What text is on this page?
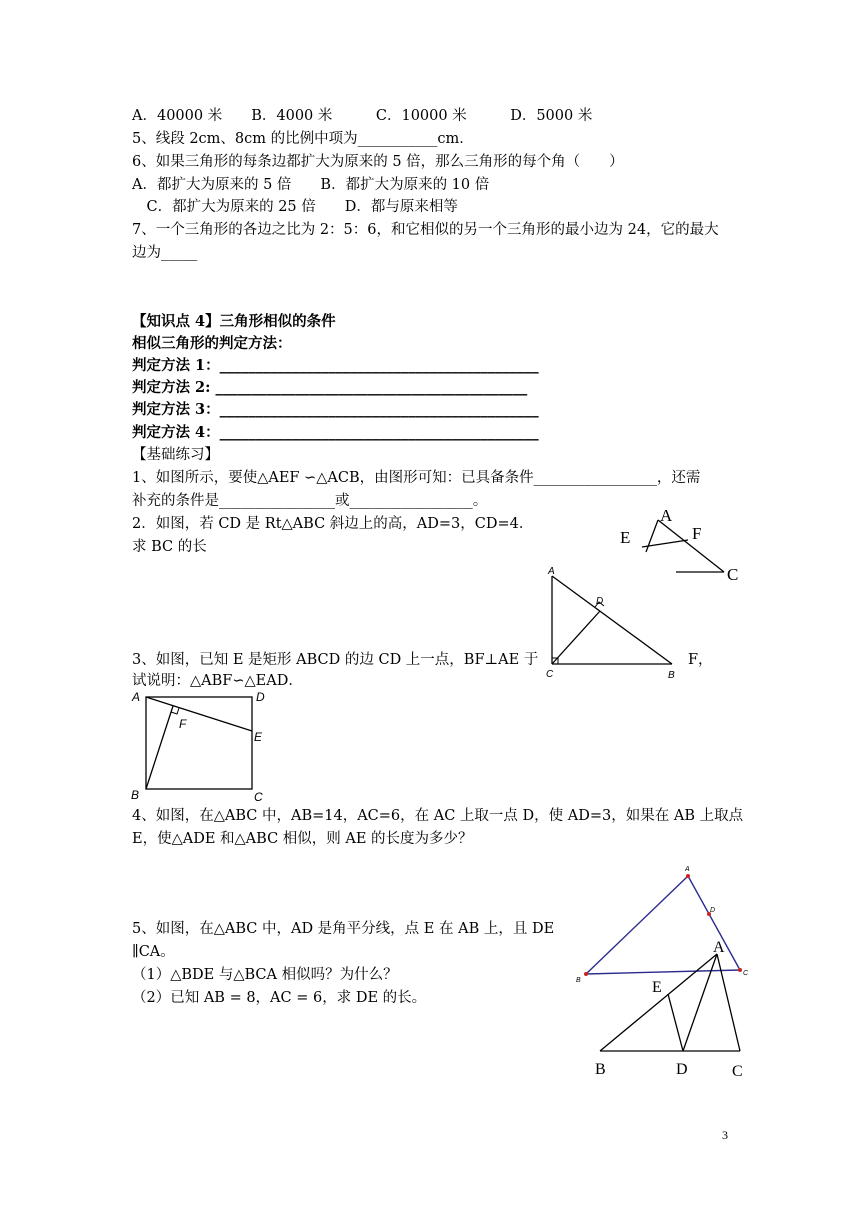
A．40000 米　　B．4000 米　　　C．10000 米　　　D．5000 米
5、线段 2cm、8cm 的比例中项为___________cm．
6、如果三角形的每条边都扩大为原来的 5 倍，那么三角形的每个角（　　）
A．都扩大为原来的 5 倍　　B．都扩大为原来的 10 倍
　C．都扩大为原来的 25 倍　　D．都与原来相等
7、一个三角形的各边之比为 2：5：6，和它相似的另一个三角形的最小边为 24，它的最大
边为_____
【知识点 4】三角形相似的条件
相似三角形的判定方法：
判定方法 1：____________________________________________
判定方法 2: ___________________________________________
判定方法 3：____________________________________________
判定方法 4：____________________________________________
【基础练习】
1、如图所示，要使△AEF ∽△ACB，由图形可知：已具备条件_________________，还需
补充的条件是________________或_________________。
2．如图，若 CD 是 Rt△ABC 斜边上的高，AD=3，CD=4．
求 BC 的长
3、如图，已知 E 是矩形 ABCD 的边 CD 上一点，BF⊥AE 于	F，
试说明：△ABF∽△EAD．
4、如图，在△ABC 中，AB=14，AC=6，在 AC 上取一点 D，使 AD=3，如果在 AB 上取点
E，使△ADE 和△ABC 相似，则 AE 的长度为多少？
5、如图，在△ABC 中，AD 是角平分线，点 E 在 AB 上，且 DE
∥CA。
（1）△BDE 与△BCA 相似吗？为什么？
（2）已知 AB = 8，AC = 6，求 DE 的长。
A
E	F
C
A
D
C	B
A	D
F
E
B	C
A
D
B
C
A
E
B	D	C
3
